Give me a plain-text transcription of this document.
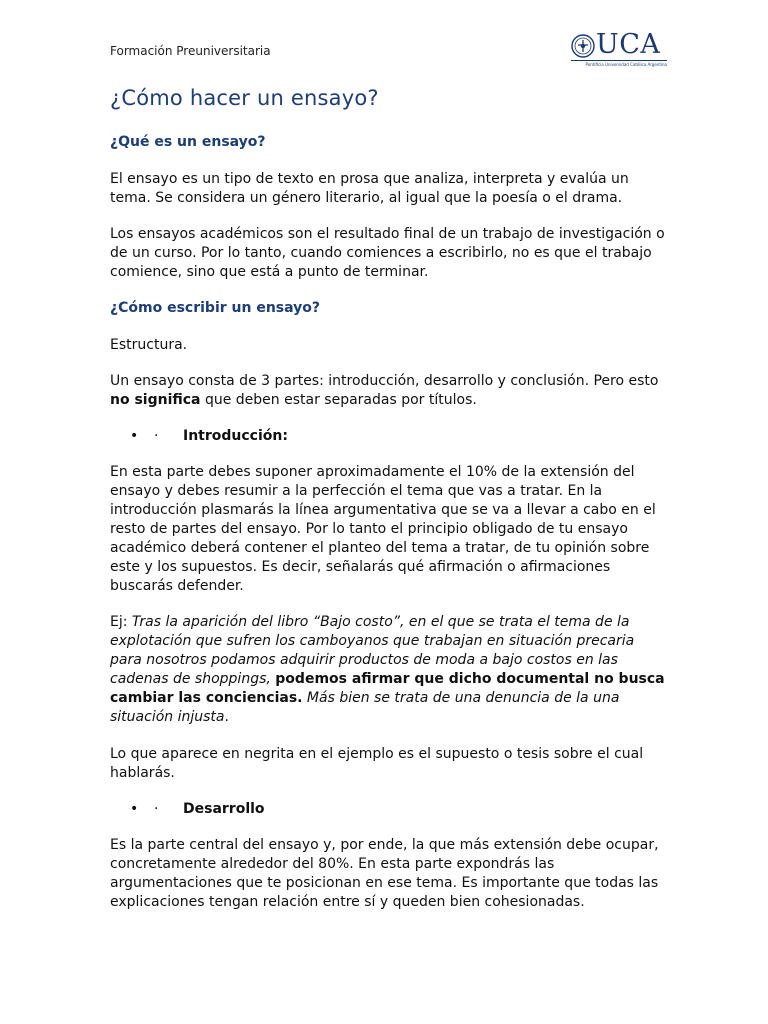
Formación Preuniversitaria	UCA
Pontificia Universidad Católica Argentina
¿Cómo hacer un ensayo?
¿Qué es un ensayo?

El ensayo es un tipo de texto en prosa que analiza, interpreta y evalúa un tema. Se considera un género literario, al igual que la poesía o el drama.

Los ensayos académicos son el resultado final de un trabajo de investigación o de un curso. Por lo tanto, cuando comiences a escribirlo, no es que el trabajo comience, sino que está a punto de terminar.

¿Cómo escribir un ensayo?

Estructura.

Un ensayo consta de 3 partes: introducción, desarrollo y conclusión. Pero esto no significa que deben estar separadas por títulos.

• · Introducción:

En esta parte debes suponer aproximadamente el 10% de la extensión del ensayo y debes resumir a la perfección el tema que vas a tratar. En la introducción plasmarás la línea argumentativa que se va a llevar a cabo en el resto de partes del ensayo. Por lo tanto el principio obligado de tu ensayo académico deberá contener el planteo del tema a tratar, de tu opinión sobre este y los supuestos. Es decir, señalarás qué afirmación o afirmaciones buscarás defender.

Ej: Tras la aparición del libro “Bajo costo”, en el que se trata el tema de la explotación que sufren los camboyanos que trabajan en situación precaria para nosotros podamos adquirir productos de moda a bajo costos en las cadenas de shoppings, podemos afirmar que dicho documental no busca cambiar las conciencias. Más bien se trata de una denuncia de la una situación injusta.

Lo que aparece en negrita en el ejemplo es el supuesto o tesis sobre el cual hablarás.

• · Desarrollo

Es la parte central del ensayo y, por ende, la que más extensión debe ocupar, concretamente alrededor del 80%. En esta parte expondrás las argumentaciones que te posicionan en ese tema. Es importante que todas las explicaciones tengan relación entre sí y queden bien cohesionadas.
